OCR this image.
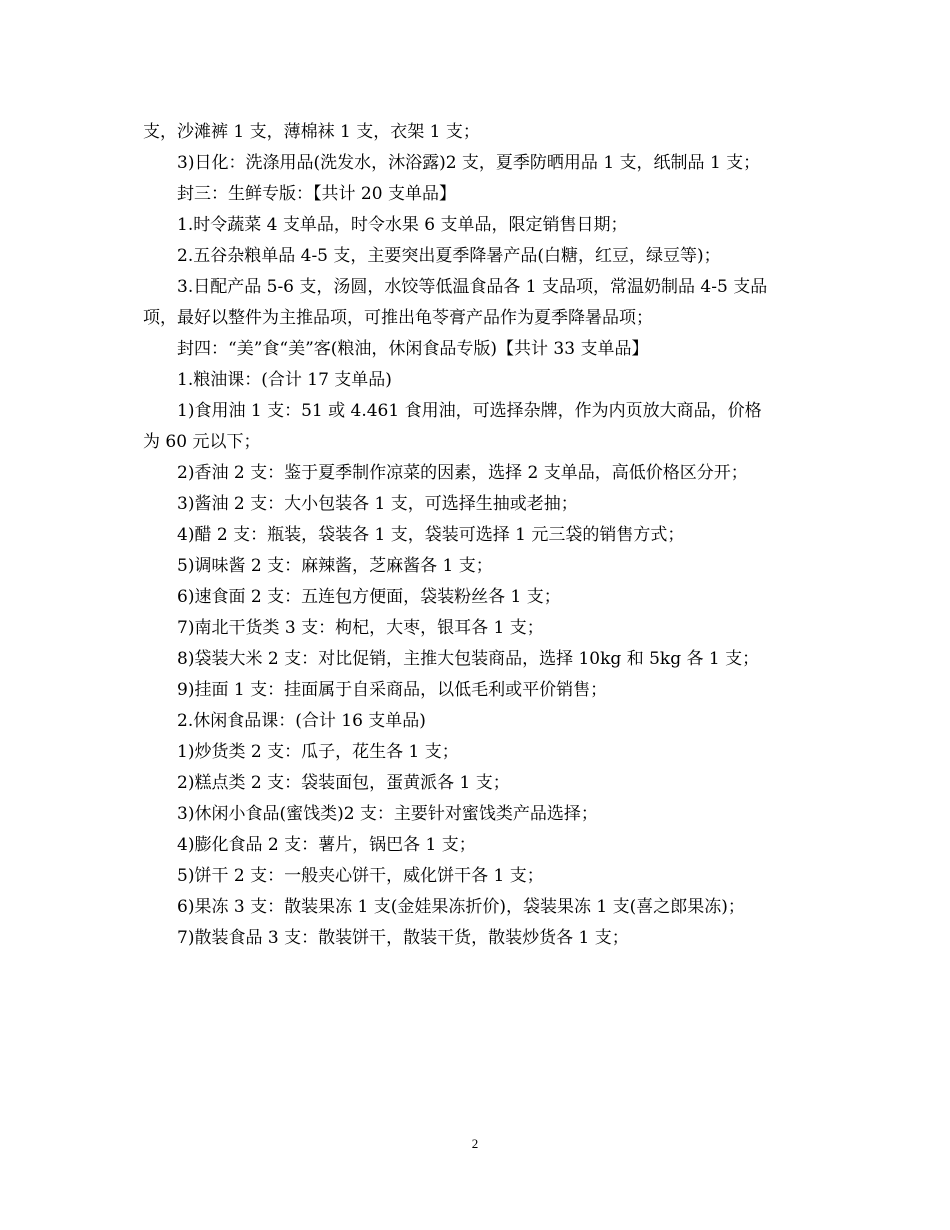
支，沙滩裤 1 支，薄棉袜 1 支，衣架 1 支；
3)日化：洗涤用品(洗发水，沐浴露)2 支，夏季防晒用品 1 支，纸制品 1 支；
封三：生鲜专版：【共计 20 支单品】
1.时令蔬菜 4 支单品，时令水果 6 支单品，限定销售日期；
2.五谷杂粮单品 4-5 支，主要突出夏季降暑产品(白糖，红豆，绿豆等)；
3.日配产品 5-6 支，汤圆，水饺等低温食品各 1 支品项，常温奶制品 4-5 支品
项，最好以整件为主推品项，可推出龟苓膏产品作为夏季降暑品项；
封四：“美”食“美”客(粮油，休闲食品专版)【共计 33 支单品】
1.粮油课：(合计 17 支单品)
1)食用油 1 支：51 或 4.461 食用油，可选择杂牌，作为内页放大商品，价格
为 60 元以下；
2)香油 2 支：鉴于夏季制作凉菜的因素，选择 2 支单品，高低价格区分开；
3)酱油 2 支：大小包装各 1 支，可选择生抽或老抽；
4)醋 2 支：瓶装，袋装各 1 支，袋装可选择 1 元三袋的销售方式；
5)调味酱 2 支：麻辣酱，芝麻酱各 1 支；
6)速食面 2 支：五连包方便面，袋装粉丝各 1 支；
7)南北干货类 3 支：枸杞，大枣，银耳各 1 支；
8)袋装大米 2 支：对比促销，主推大包装商品，选择 10kg 和 5kg 各 1 支；
9)挂面 1 支：挂面属于自采商品，以低毛利或平价销售；
2.休闲食品课：(合计 16 支单品)
1)炒货类 2 支：瓜子，花生各 1 支；
2)糕点类 2 支：袋装面包，蛋黄派各 1 支；
3)休闲小食品(蜜饯类)2 支：主要针对蜜饯类产品选择；
4)膨化食品 2 支：薯片，锅巴各 1 支；
5)饼干 2 支：一般夹心饼干，威化饼干各 1 支；
6)果冻 3 支：散装果冻 1 支(金娃果冻折价)，袋装果冻 1 支(喜之郎果冻)；
7)散装食品 3 支：散装饼干，散装干货，散装炒货各 1 支；
2
